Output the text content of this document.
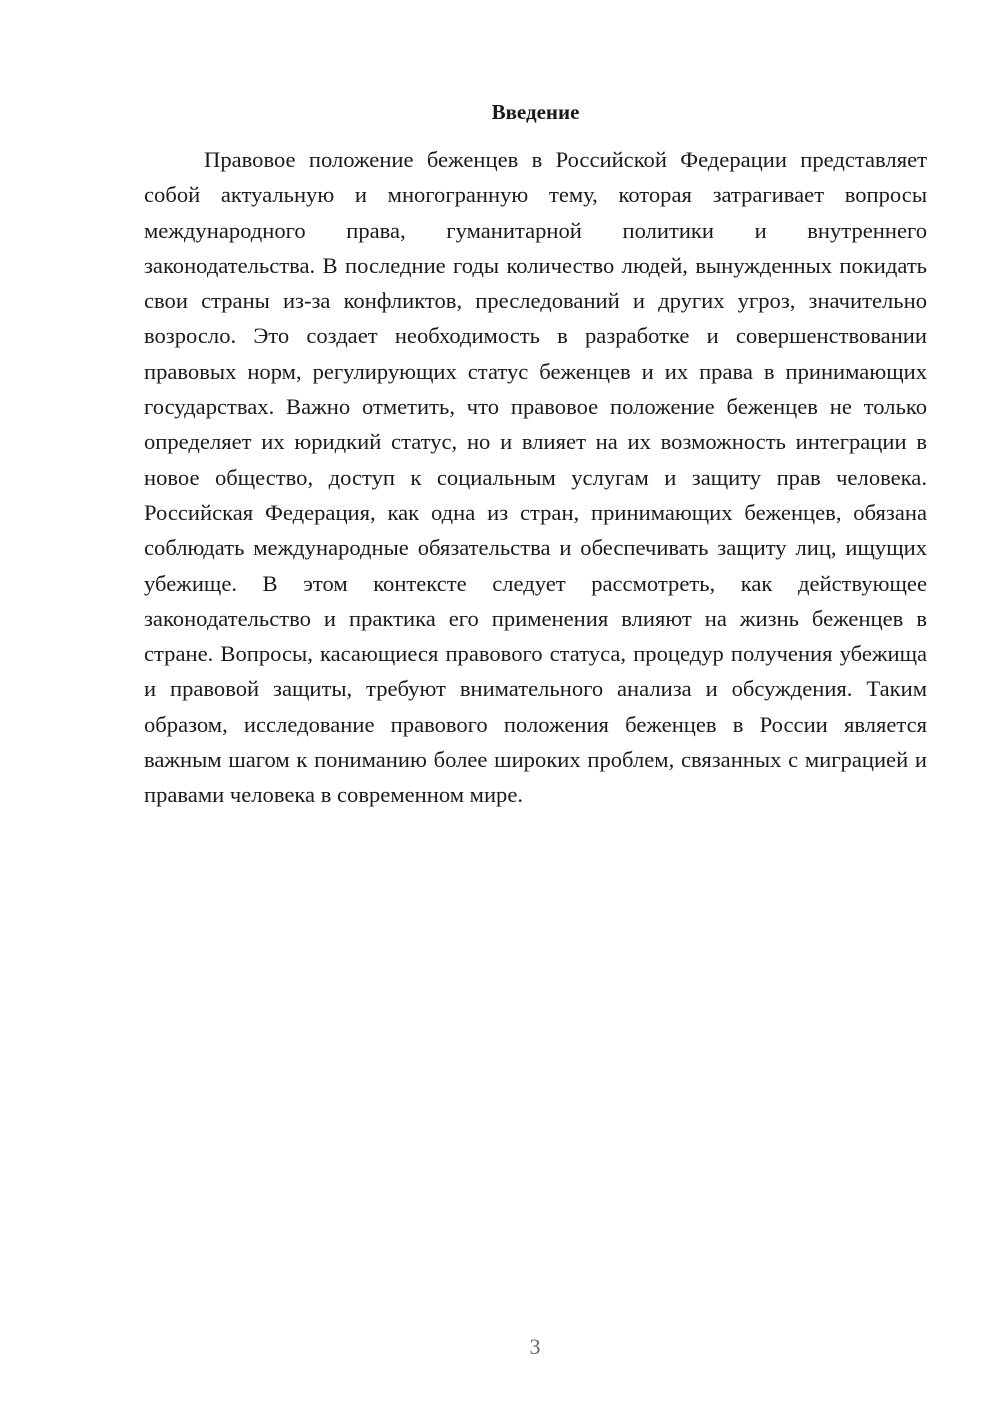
Введение

Правовое положение беженцев в Российской Федерации представляет собой актуальную и многогранную тему, которая затрагивает вопросы международного права, гуманитарной политики и внутреннего законодательства. В последние годы количество людей, вынужденных покидать свои страны из-за конфликтов, преследований и других угроз, значительно возросло. Это создает необходимость в разработке и совершенствовании правовых норм, регулирующих статус беженцев и их права в принимающих государствах. Важно отметить, что правовое положение беженцев не только определяет их юридкий статус, но и влияет на их возможность интеграции в новое общество, доступ к социальным услугам и защиту прав человека. Российская Федерация, как одна из стран, принимающих беженцев, обязана соблюдать международные обязательства и обеспечивать защиту лиц, ищущих убежище. В этом контексте следует рассмотреть, как действующее законодательство и практика его применения влияют на жизнь беженцев в стране. Вопросы, касающиеся правового статуса, процедур получения убежища и правовой защиты, требуют внимательного анализа и обсуждения. Таким образом, исследование правового положения беженцев в России является важным шагом к пониманию более широких проблем, связанных с миграцией и правами человека в современном мире.

3
